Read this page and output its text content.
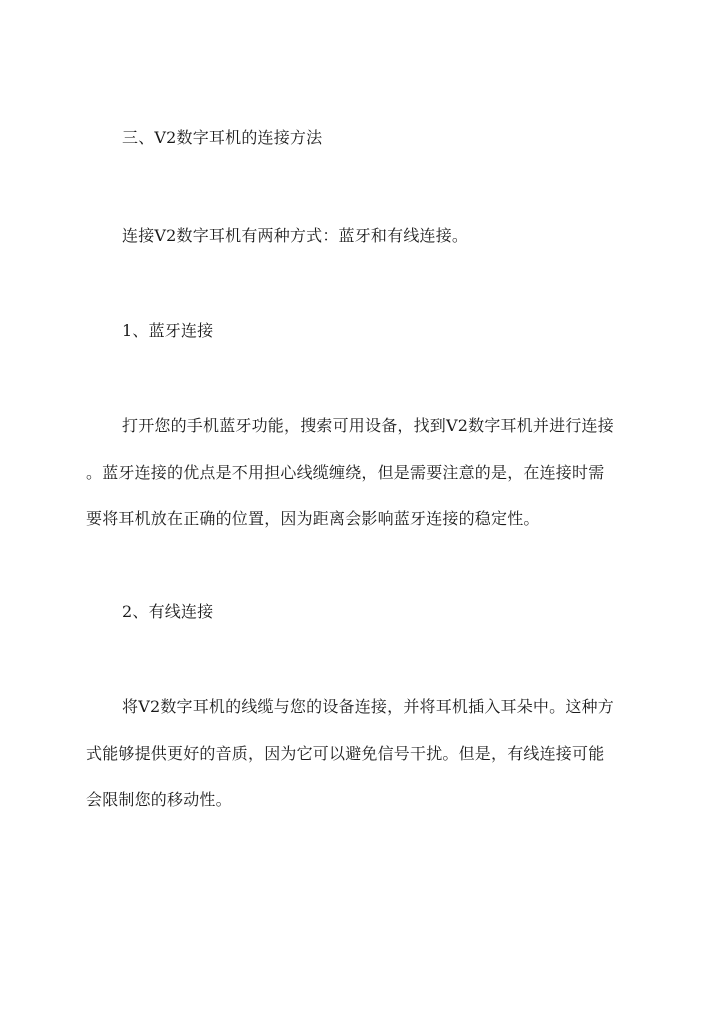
三、V2数字耳机的连接方法
连接V2数字耳机有两种方式：蓝牙和有线连接。
1、蓝牙连接
打开您的手机蓝牙功能，搜索可用设备，找到V2数字耳机并进行连接
。蓝牙连接的优点是不用担心线缆缠绕，但是需要注意的是，在连接时需
要将耳机放在正确的位置，因为距离会影响蓝牙连接的稳定性。
2、有线连接
将V2数字耳机的线缆与您的设备连接，并将耳机插入耳朵中。这种方
式能够提供更好的音质，因为它可以避免信号干扰。但是，有线连接可能
会限制您的移动性。
